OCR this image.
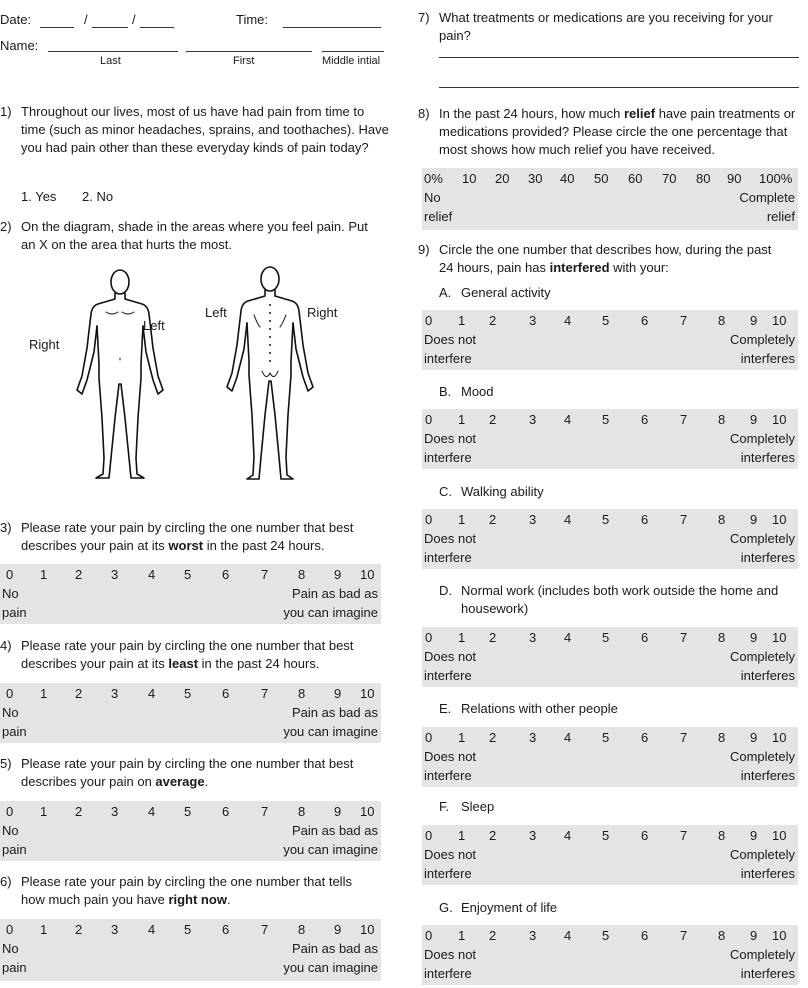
Date:	/	/	Time:
Name:
Last	First	Middle intial
1) Throughout our lives, most of us have had pain from time to time (such as minor headaches, sprains, and toothaches). Have you had pain other than these everyday kinds of pain today?
1. Yes 2. No
2) On the diagram, shade in the areas where you feel pain. Put an X on the area that hurts the most.
Right
Left
Left	Right
3) Please rate your pain by circling the one number that best describes your pain at its worst in the past 24 hours.
0 1 2 3 4 5 6 7 8 9 10
No
pain
Pain as bad as
you can imagine
4) Please rate your pain by circling the one number that best describes your pain at its least in the past 24 hours.
0 1 2 3 4 5 6 7 8 9 10
No
pain
Pain as bad as
you can imagine
5) Please rate your pain by circling the one number that best describes your pain on average.
0 1 2 3 4 5 6 7 8 9 10
No
pain
Pain as bad as
you can imagine
6) Please rate your pain by circling the one number that tells how much pain you have right now.
0 1 2 3 4 5 6 7 8 9 10
No
pain
Pain as bad as
you can imagine
7) What treatments or medications are you receiving for your pain?
8) In the past 24 hours, how much relief have pain treatments or medications provided? Please circle the one percentage that most shows how much relief you have received.
0% 10 20 30 40 50 60 70 80 90 100%
No
relief
Complete
relief
9) Circle the one number that describes how, during the past 24 hours, pain has interfered with your:
A. General activity
0 1 2	3 4 5 6 7 8 9 10
Does not
interfere
Completely
interferes
B. Mood
0 1 2	3 4 5 6 7 8 9 10
Does not
interfere
Completely
interferes
C. Walking ability
0 1 2	3 4 5 6 7 8 9 10
Does not
interfere
Completely
interferes
D. Normal work (includes both work outside the home and housework)
0 1 2	3 4 5 6 7 8 9 10
Does not
interfere
Completely
interferes
E. Relations with other people
0 1 2	3 4 5 6 7 8 9 10
Does not
interfere
Completely
interferes
F. Sleep
0 1 2	3 4 5 6 7 8 9 10
Does not
interfere
Completely
interferes
G. Enjoyment of life
0 1 2	3 4 5 6 7 8 9 10
Does not
interfere
Completely
interferes
